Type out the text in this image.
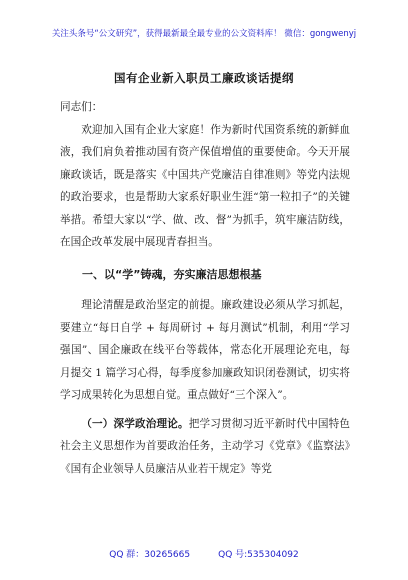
关注头条号“公文研究”，获得最新最全最专业的公文资料库！ 微信：gongwenyj
国有企业新入职员工廉政谈话提纲

同志们：

欢迎加入国有企业大家庭！作为新时代国资系统的新鲜血液，我们肩负着推动国有资产保值增值的重要使命。今天开展廉政谈话，既是落实《中国共产党廉洁自律准则》等党内法规的政治要求，也是帮助大家系好职业生涯“第一粒扣子”的关键举措。希望大家以“学、做、改、督”为抓手，筑牢廉洁防线，在国企改革发展中展现青春担当。

一、以“学”铸魂，夯实廉洁思想根基

理论清醒是政治坚定的前提。廉政建设必须从学习抓起，要建立“每日自学 + 每周研讨 + 每月测试”机制，利用“学习强国”、国企廉政在线平台等载体，常态化开展理论充电，每月提交 1 篇学习心得，每季度参加廉政知识闭卷测试，切实将学习成果转化为思想自觉。重点做好“三个深入”。

（一）深学政治理论。把学习贯彻习近平新时代中国特色社会主义思想作为首要政治任务，主动学习《党章》《监察法》《国有企业领导人员廉洁从业若干规定》等党

QQ 群：30265665	QQ 号:535304092
